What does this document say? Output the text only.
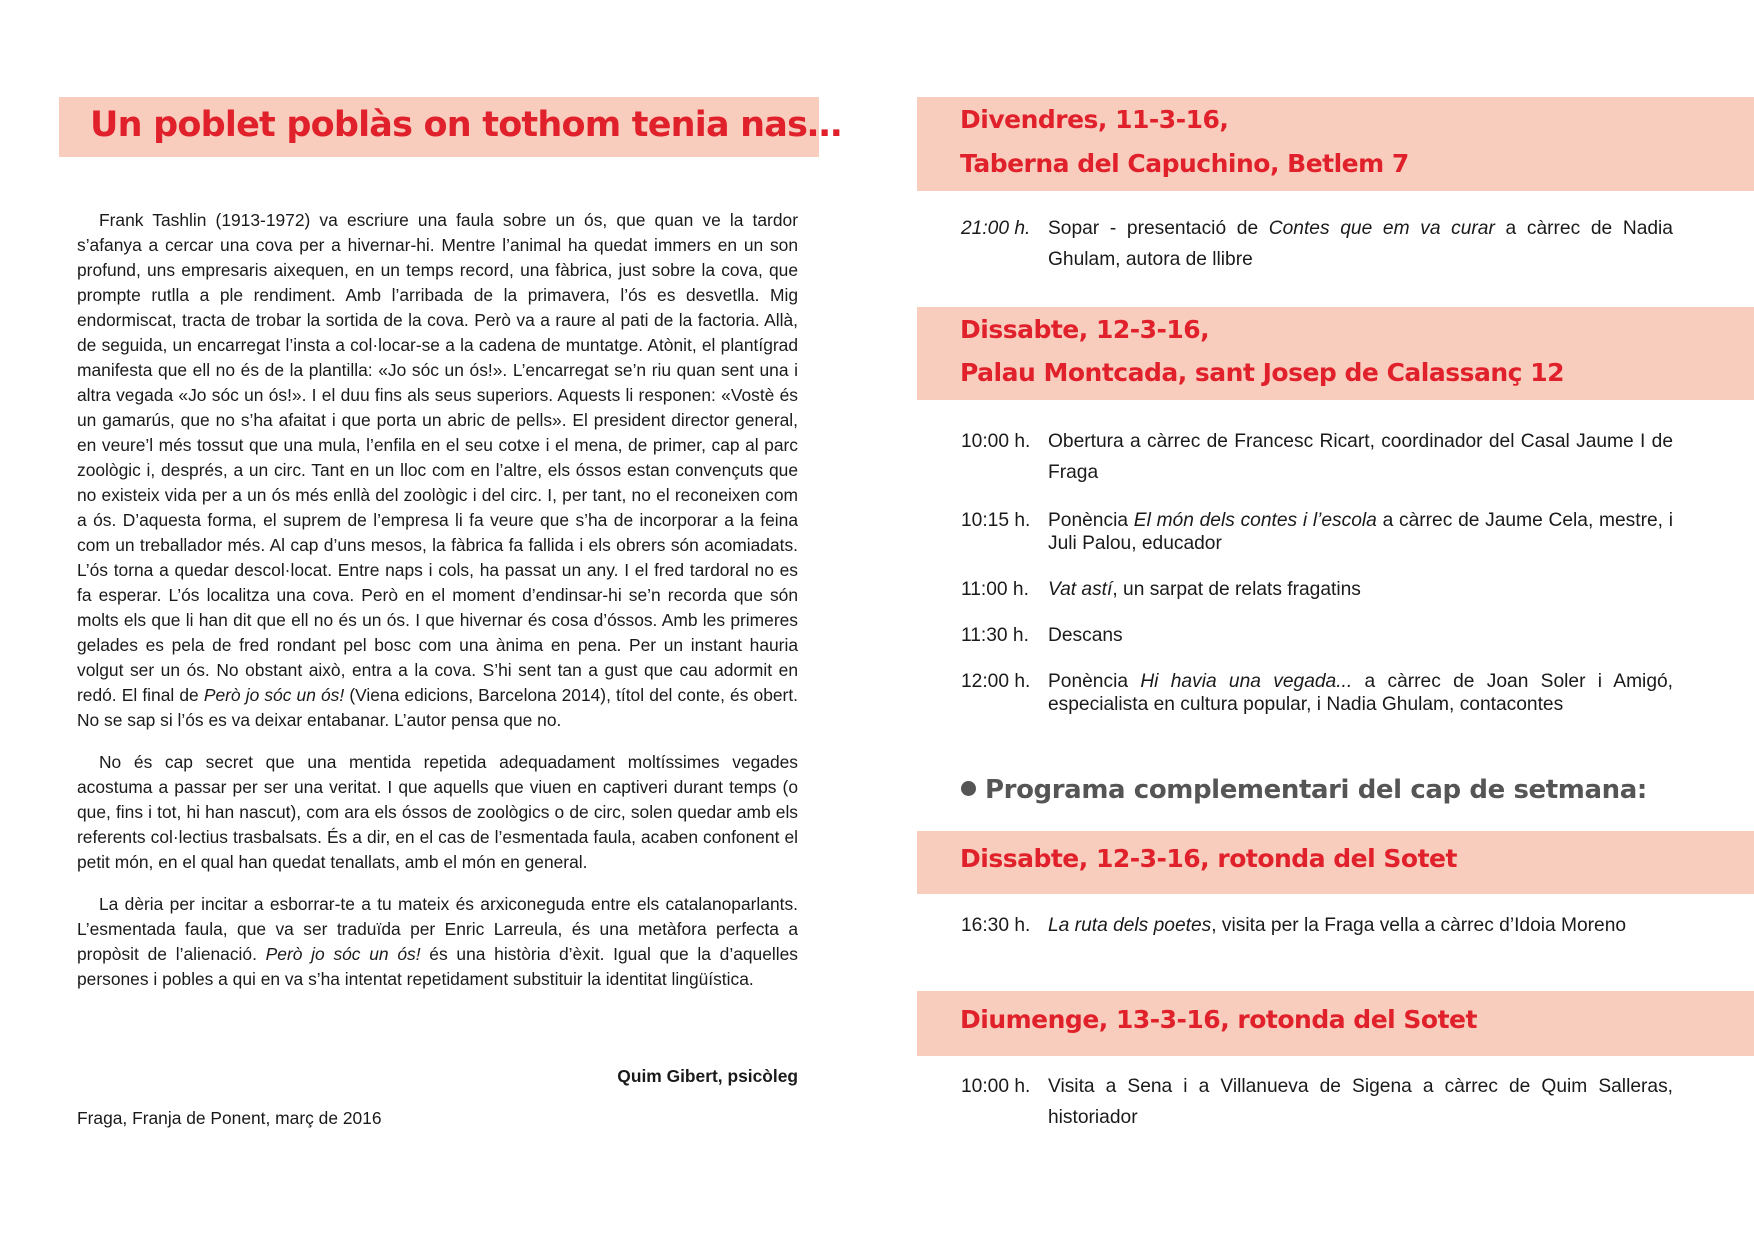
Un poblet poblàs on tothom tenia nas…

Frank Tashlin (1913-1972) va escriure una faula sobre un ós, que quan ve la tardor s’afanya a cercar una cova per a hivernar-hi. Mentre l’animal ha quedat immers en un son profund, uns empresaris aixequen, en un temps record, una fàbrica, just sobre la cova, que prompte rutlla a ple rendiment. Amb l’arribada de la primavera, l’ós es desvetlla. Mig endormiscat, tracta de trobar la sortida de la cova. Però va a raure al pati de la factoria. Allà, de seguida, un encarregat l’insta a col·locar-se a la cadena de muntatge. Atònit, el plantígrad manifesta que ell no és de la plantilla: «Jo sóc un ós!». L’encarregat se’n riu quan sent una i altra vegada «Jo sóc un ós!». I el duu fins als seus superiors. Aquests li responen: «Vostè és un gamarús, que no s’ha afaitat i que porta un abric de pells». El president director general, en veure’l més tossut que una mula, l’enfila en el seu cotxe i el mena, de primer, cap al parc zoològic i, després, a un circ. Tant en un lloc com en l’altre, els óssos estan convençuts que no existeix vida per a un ós més enllà del zoològic i del circ. I, per tant, no el reconeixen com a ós. D’aquesta forma, el suprem de l’empresa li fa veure que s’ha de incorporar a la feina com un treballador més. Al cap d’uns mesos, la fàbrica fa fallida i els obrers són acomiadats. L’ós torna a quedar descol·locat. Entre naps i cols, ha passat un any. I el fred tardoral no es fa esperar. L’ós localitza una cova. Però en el moment d’endinsar-hi se’n recorda que són molts els que li han dit que ell no és un ós. I que hivernar és cosa d’óssos. Amb les primeres gelades es pela de fred rondant pel bosc com una ànima en pena. Per un instant hauria volgut ser un ós. No obstant això, entra a la cova. S’hi sent tan a gust que cau adormit en redó. El final de Però jo sóc un ós! (Viena edicions, Barcelona 2014), títol del conte, és obert. No se sap si l’ós es va deixar entabanar. L’autor pensa que no.

No és cap secret que una mentida repetida adequadament moltíssimes vegades acostuma a passar per ser una veritat. I que aquells que viuen en captiveri durant temps (o que, fins i tot, hi han nascut), com ara els óssos de zoològics o de circ, solen quedar amb els referents col·lectius trasbalsats. És a dir, en el cas de l’esmentada faula, acaben confonent el petit món, en el qual han quedat tenallats, amb el món en general.

La dèria per incitar a esborrar-te a tu mateix és arxiconeguda entre els catalanoparlants. L’esmentada faula, que va ser traduïda per Enric Larreula, és una metàfora perfecta a propòsit de l’alienació. Però jo sóc un ós! és una història d’èxit. Igual que la d’aquelles persones i pobles a qui en va s’ha intentat repetidament substituir la identitat lingüística.

Quim Gibert, psicòleg
Fraga, Franja de Ponent, març de 2016
Divendres, 11-3-16,
Taberna del Capuchino, Betlem 7
21:00 h. Sopar - presentació de Contes que em va curar a càrrec de Nadia Ghulam, autora de llibre
Dissabte, 12-3-16,
Palau Montcada, sant Josep de Calassanç 12
10:00 h. Obertura a càrrec de Francesc Ricart, coordinador del Casal Jaume I de Fraga
10:15 h. Ponència El món dels contes i l’escola a càrrec de Jaume Cela, mestre, i Juli Palou, educador
11:00 h. Vat astí, un sarpat de relats fragatins
11:30 h. Descans
12:00 h. Ponència Hi havia una vegada... a càrrec de Joan Soler i Amigó, especialista en cultura popular, i Nadia Ghulam, contacontes
Programa complementari del cap de setmana:
Dissabte, 12-3-16, rotonda del Sotet
16:30 h. La ruta dels poetes, visita per la Fraga vella a càrrec d’Idoia Moreno
Diumenge, 13-3-16, rotonda del Sotet
10:00 h. Visita a Sena i a Villanueva de Sigena a càrrec de Quim Salleras, historiador
